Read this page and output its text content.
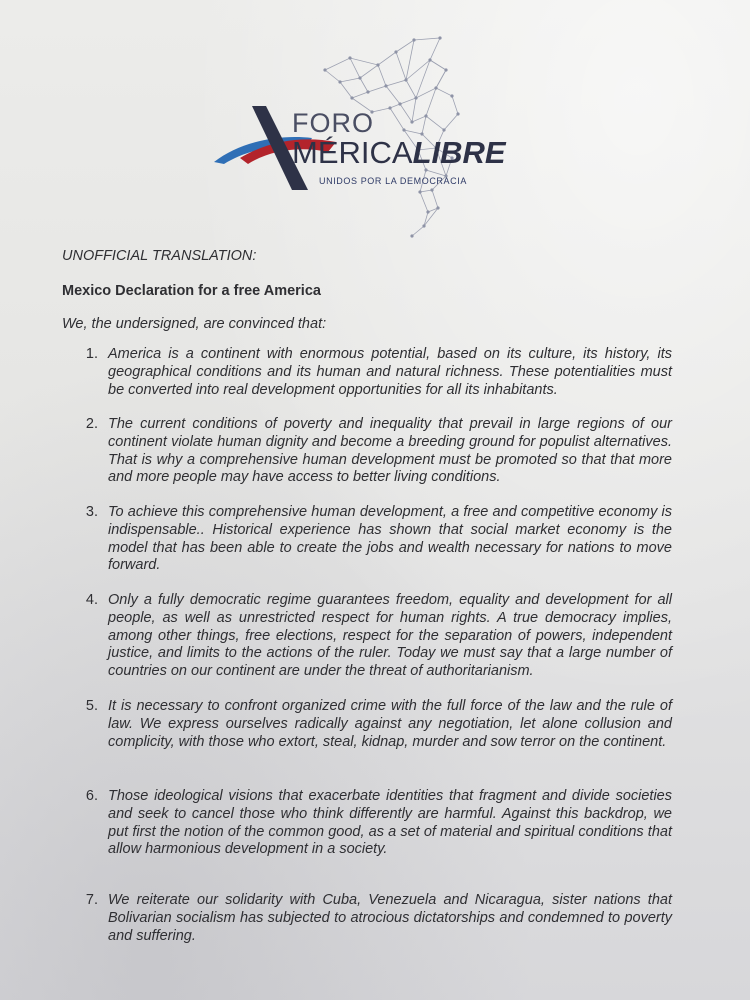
FORO
MÉRICALIBRE
UNIDOS POR LA DEMOCRACIA
UNOFFICIAL TRANSLATION:
Mexico Declaration for a free America
We, the undersigned, are convinced that:
1. America is a continent with enormous potential, based on its culture, its history, its geographical conditions and its human and natural richness. These potentialities must be converted into real development opportunities for all its inhabitants.
2. The current conditions of poverty and inequality that prevail in large regions of our continent violate human dignity and become a breeding ground for populist alternatives. That is why a comprehensive human development must be promoted so that that more and more people may have access to better living conditions.
3. To achieve this comprehensive human development, a free and competitive economy is indispensable.. Historical experience has shown that social market economy is the model that has been able to create the jobs and wealth necessary for nations to move forward.
4. Only a fully democratic regime guarantees freedom, equality and development for all people, as well as unrestricted respect for human rights. A true democracy implies, among other things, free elections, respect for the separation of powers, independent justice, and limits to the actions of the ruler. Today we must say that a large number of countries on our continent are under the threat of authoritarianism.
5. It is necessary to confront organized crime with the full force of the law and the rule of law. We express ourselves radically against any negotiation, let alone collusion and complicity, with those who extort, steal, kidnap, murder and sow terror on the continent.
6. Those ideological visions that exacerbate identities that fragment and divide societies and seek to cancel those who think differently are harmful. Against this backdrop, we put first the notion of the common good, as a set of material and spiritual conditions that allow harmonious development in a society.
7. We reiterate our solidarity with Cuba, Venezuela and Nicaragua, sister nations that Bolivarian socialism has subjected to atrocious dictatorships and condemned to poverty and suffering.
